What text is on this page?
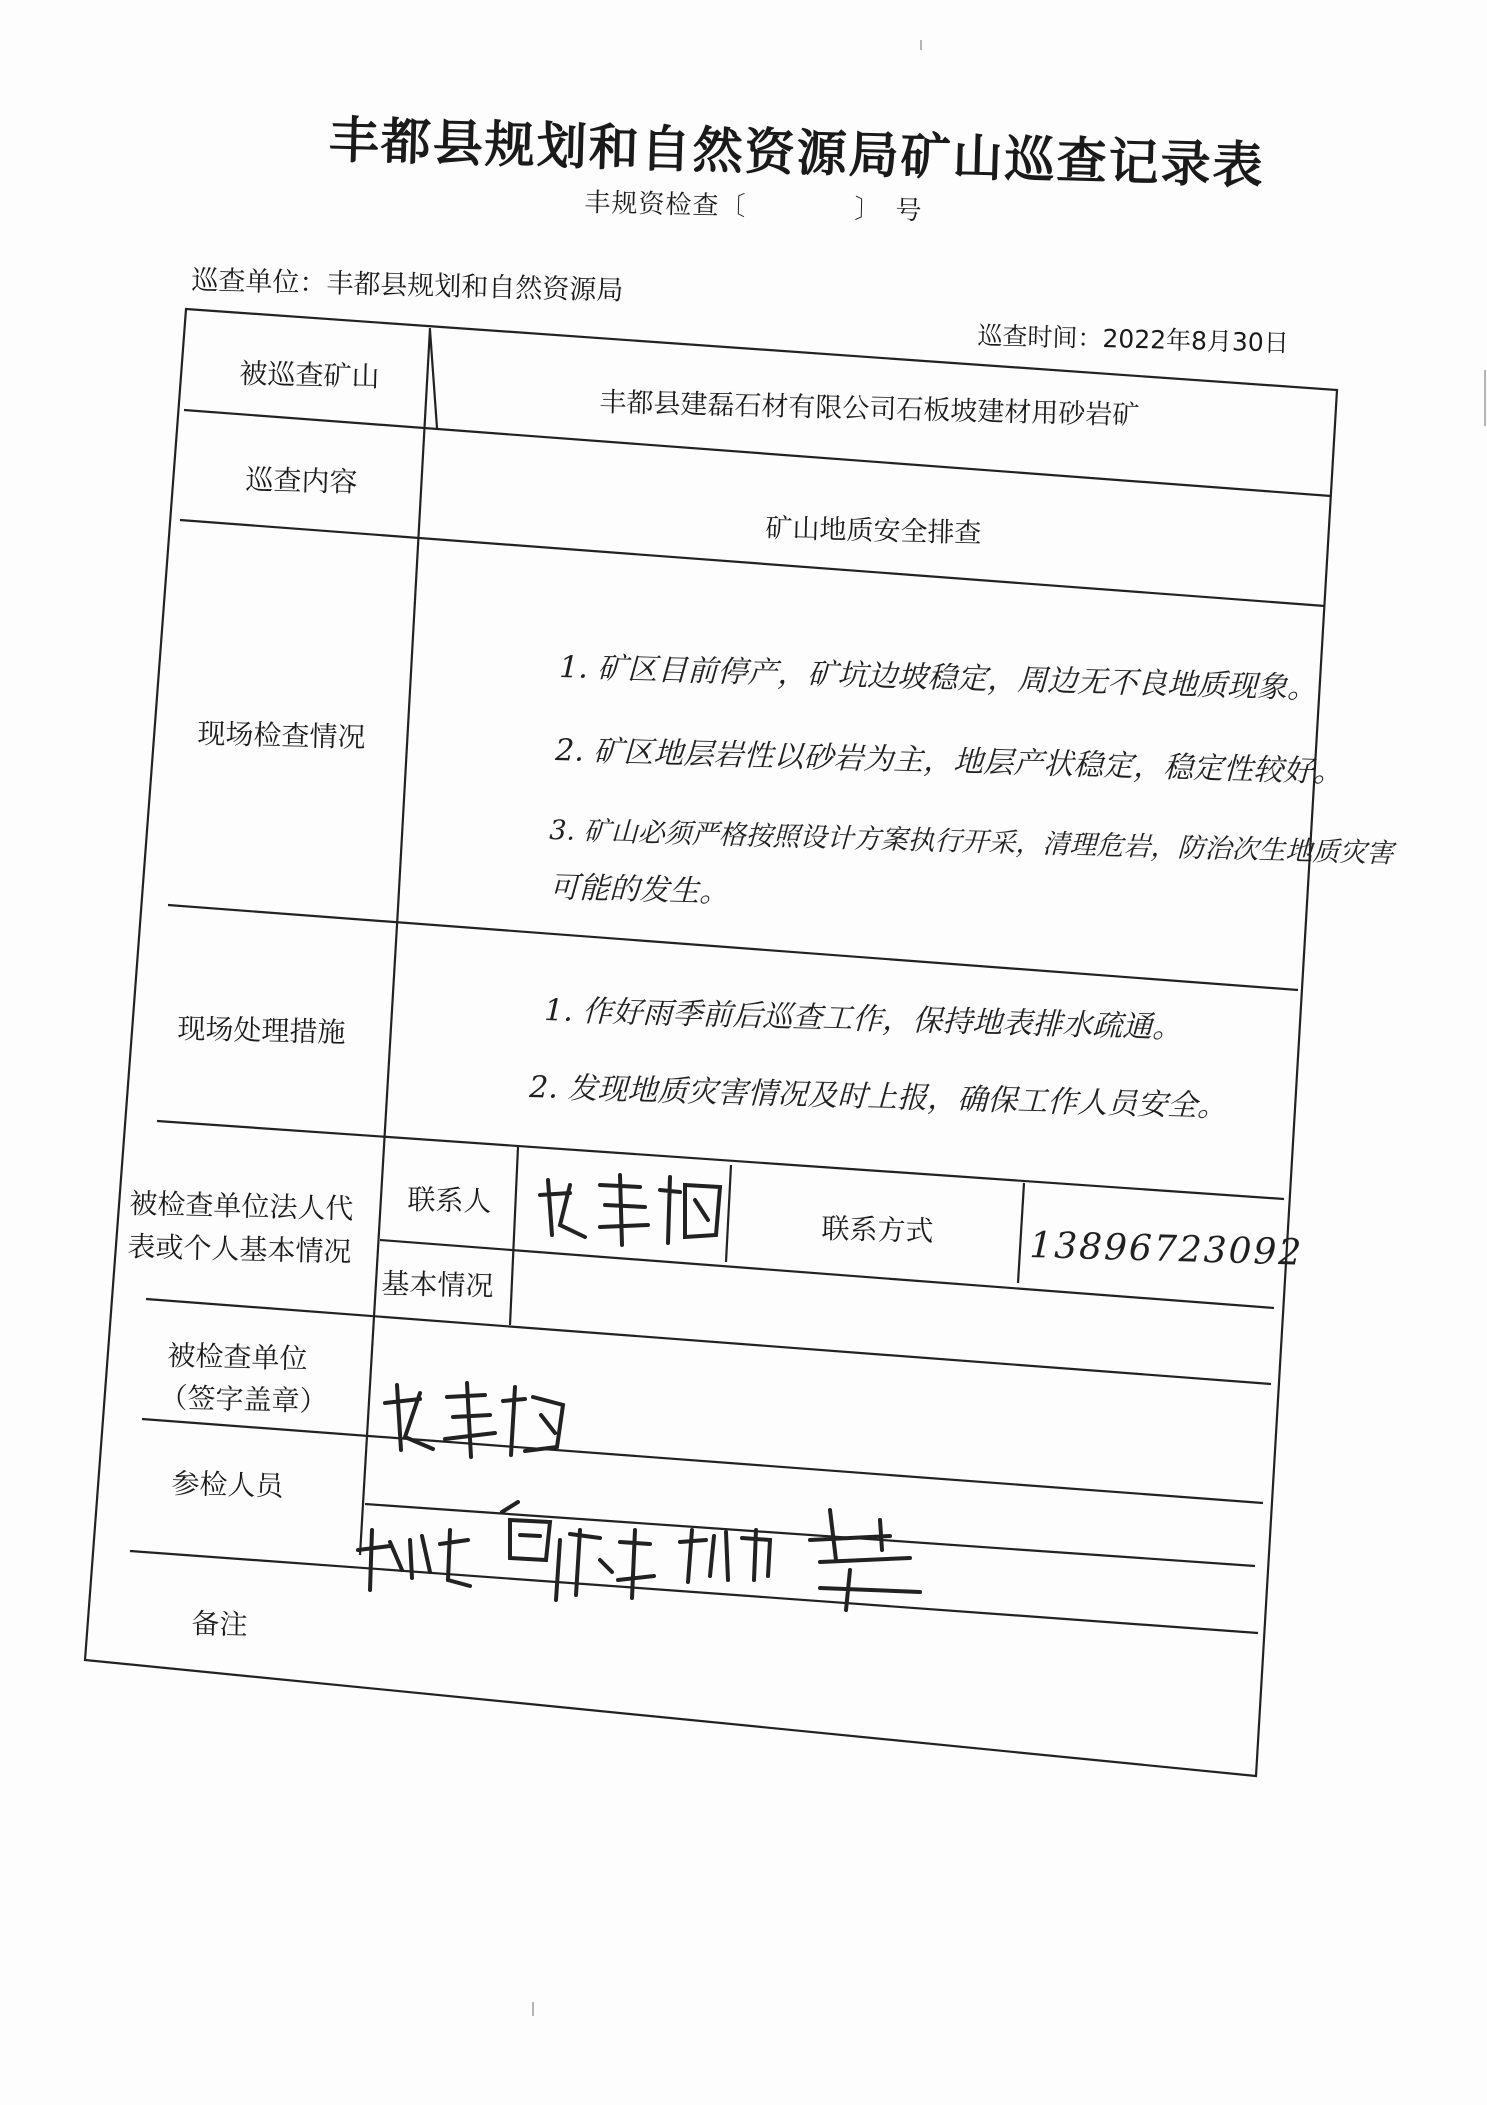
丰都县规划和自然资源局矿山巡查记录表
丰规资检查〔　　　　〕　号
巡查单位：丰都县规划和自然资源局
巡查时间：2022年8月30日
被巡查矿山
巡查内容
现场检查情况
现场处理措施
被检查单位法人代
表或个人基本情况
联系人
联系方式
基本情况
被检查单位
（签字盖章）
参检人员
备注
丰都县建磊石材有限公司石板坡建材用砂岩矿
矿山地质安全排查
1. 矿区目前停产，矿坑边坡稳定，周边无不良地质现象。
2. 矿区地层岩性以砂岩为主，地层产状稳定，稳定性较好。
3. 矿山必须严格按照设计方案执行开采，清理危岩，防治次生地质灾害
可能的发生。
1. 作好雨季前后巡查工作，保持地表排水疏通。
2. 发现地质灾害情况及时上报，确保工作人员安全。
13896723092
